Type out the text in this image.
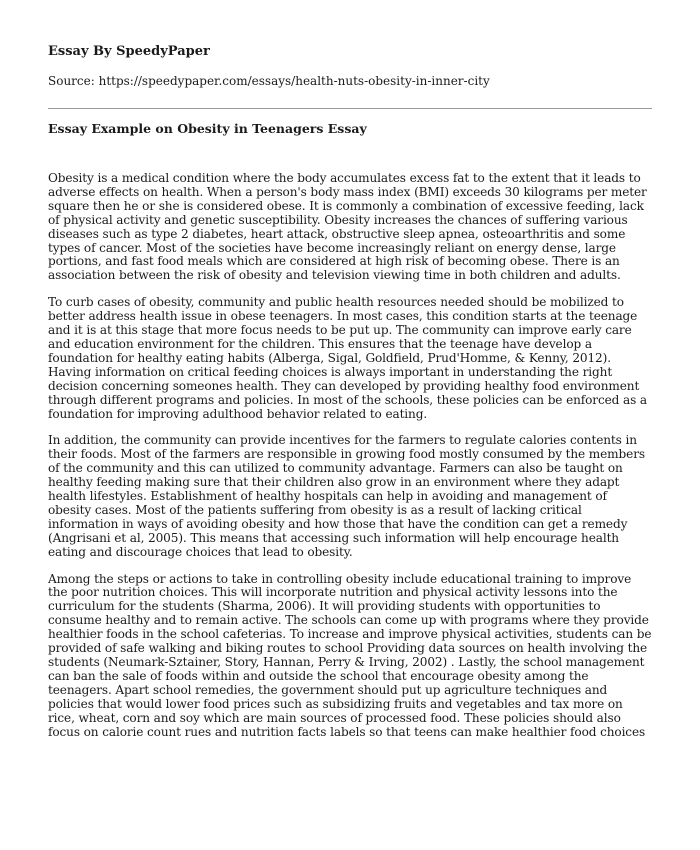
Essay By SpeedyPaper

Source: https://speedypaper.com/essays/health-nuts-obesity-in-inner-city

Essay Example on Obesity in Teenagers Essay

Obesity is a medical condition where the body accumulates excess fat to the extent that it leads to adverse effects on health. When a person's body mass index (BMI) exceeds 30 kilograms per meter square then he or she is considered obese. It is commonly a combination of excessive feeding, lack of physical activity and genetic susceptibility. Obesity increases the chances of suffering various diseases such as type 2 diabetes, heart attack, obstructive sleep apnea, osteoarthritis and some types of cancer. Most of the societies have become increasingly reliant on energy dense, large portions, and fast food meals which are considered at high risk of becoming obese. There is an association between the risk of obesity and television viewing time in both children and adults.

To curb cases of obesity, community and public health resources needed should be mobilized to better address health issue in obese teenagers. In most cases, this condition starts at the teenage and it is at this stage that more focus needs to be put up. The community can improve early care and education environment for the children. This ensures that the teenage have develop a foundation for healthy eating habits (Alberga, Sigal, Goldfield, Prud'Homme, & Kenny, 2012). Having information on critical feeding choices is always important in understanding the right decision concerning someones health. They can developed by providing healthy food environment through different programs and policies. In most of the schools, these policies can be enforced as a foundation for improving adulthood behavior related to eating.

In addition, the community can provide incentives for the farmers to regulate calories contents in their foods. Most of the farmers are responsible in growing food mostly consumed by the members of the community and this can utilized to community advantage. Farmers can also be taught on healthy feeding making sure that their children also grow in an environment where they adapt health lifestyles. Establishment of healthy hospitals can help in avoiding and management of obesity cases. Most of the patients suffering from obesity is as a result of lacking critical information in ways of avoiding obesity and how those that have the condition can get a remedy (Angrisani et al, 2005). This means that accessing such information will help encourage health eating and discourage choices that lead to obesity.

Among the steps or actions to take in controlling obesity include educational training to improve the poor nutrition choices. This will incorporate nutrition and physical activity lessons into the curriculum for the students (Sharma, 2006). It will providing students with opportunities to consume healthy and to remain active. The schools can come up with programs where they provide healthier foods in the school cafeterias. To increase and improve physical activities, students can be provided of safe walking and biking routes to school Providing data sources on health involving the students (Neumark-Sztainer, Story, Hannan, Perry & Irving, 2002) . Lastly, the school management can ban the sale of foods within and outside the school that encourage obesity among the teenagers. Apart school remedies, the government should put up agriculture techniques and policies that would lower food prices such as subsidizing fruits and vegetables and tax more on rice, wheat, corn and soy which are main sources of processed food. These policies should also focus on calorie count rues and nutrition facts labels so that teens can make healthier food choices
